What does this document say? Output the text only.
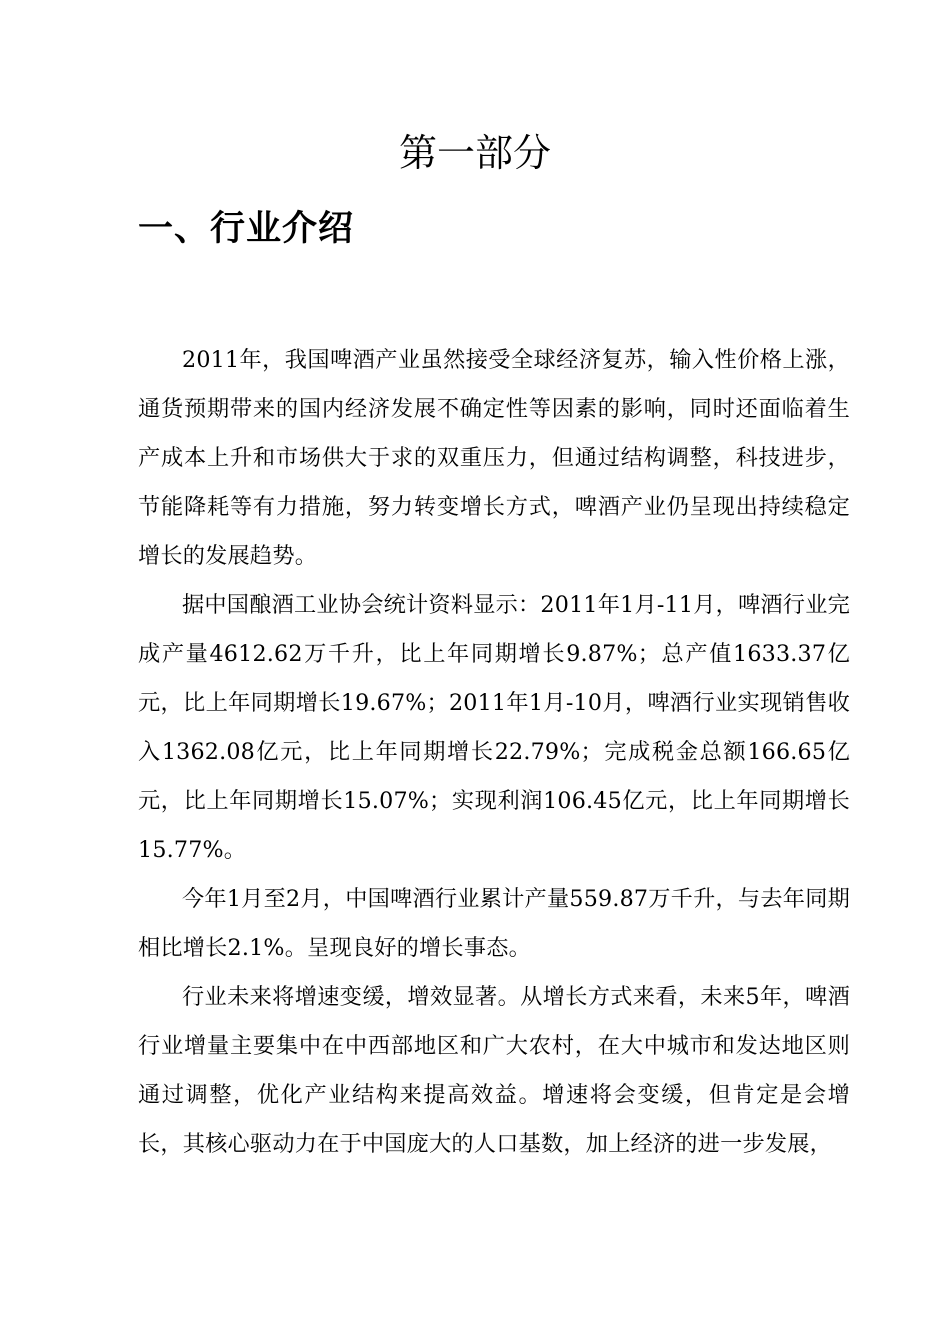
第一部分
一、行业介绍

2011年，我国啤酒产业虽然接受全球经济复苏，输入性价格上涨，通货预期带来的国内经济发展不确定性等因素的影响，同时还面临着生产成本上升和市场供大于求的双重压力，但通过结构调整，科技进步，节能降耗等有力措施，努力转变增长方式，啤酒产业仍呈现出持续稳定增长的发展趋势。

据中国酿酒工业协会统计资料显示：2011年1月-11月，啤酒行业完成产量4612.62万千升，比上年同期增长9.87%；总产值1633.37亿元，比上年同期增长19.67%；2011年1月-10月，啤酒行业实现销售收入1362.08亿元，比上年同期增长22.79%；完成税金总额166.65亿元，比上年同期增长15.07%；实现利润106.45亿元，比上年同期增长15.77%。

今年1月至2月，中国啤酒行业累计产量559.87万千升，与去年同期相比增长2.1%。呈现良好的增长事态。

行业未来将增速变缓，增效显著。从增长方式来看，未来5年，啤酒行业增量主要集中在中西部地区和广大农村，在大中城市和发达地区则通过调整，优化产业结构来提高效益。增速将会变缓，但肯定是会增长，其核心驱动力在于中国庞大的人口基数，加上经济的进一步发展，
